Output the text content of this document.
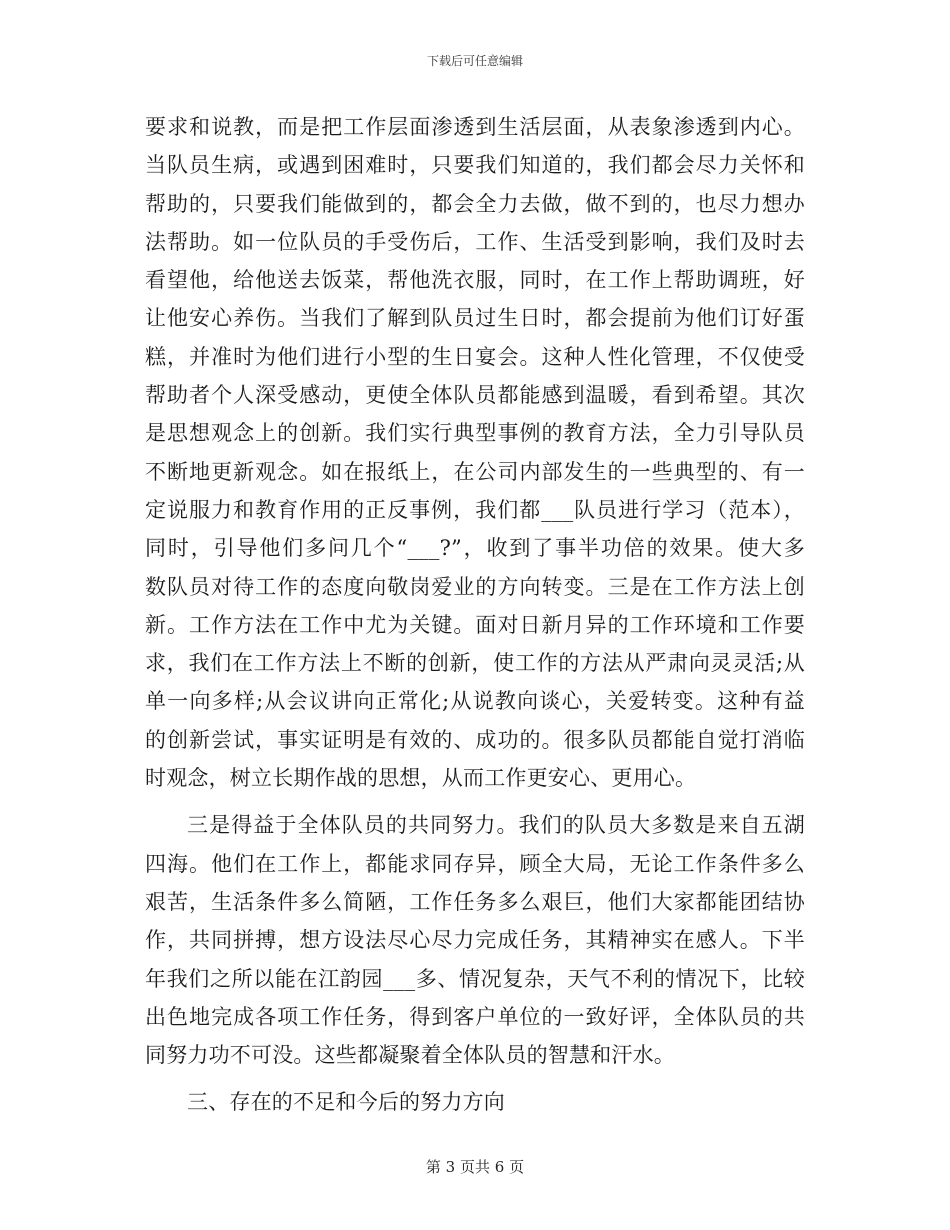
下载后可任意编辑
要求和说教，而是把工作层面渗透到生活层面，从表象渗透到内心。
当队员生病，或遇到困难时，只要我们知道的，我们都会尽力关怀和
帮助的，只要我们能做到的，都会全力去做，做不到的，也尽力想办
法帮助。如一位队员的手受伤后，工作、生活受到影响，我们及时去
看望他，给他送去饭菜，帮他洗衣服，同时，在工作上帮助调班，好
让他安心养伤。当我们了解到队员过生日时，都会提前为他们订好蛋
糕，并准时为他们进行小型的生日宴会。这种人性化管理，不仅使受
帮助者个人深受感动，更使全体队员都能感到温暖，看到希望。其次
是思想观念上的创新。我们实行典型事例的教育方法，全力引导队员
不断地更新观念。如在报纸上，在公司内部发生的一些典型的、有一
定说服力和教育作用的正反事例，我们都___队员进行学习（范本），
同时，引导他们多问几个“___?”，收到了事半功倍的效果。使大多
数队员对待工作的态度向敬岗爱业的方向转变。三是在工作方法上创
新。工作方法在工作中尤为关键。面对日新月异的工作环境和工作要
求，我们在工作方法上不断的创新，使工作的方法从严肃向灵灵活;从
单一向多样;从会议讲向正常化;从说教向谈心，关爱转变。这种有益
的创新尝试，事实证明是有效的、成功的。很多队员都能自觉打消临
时观念，树立长期作战的思想，从而工作更安心、更用心。
三是得益于全体队员的共同努力。我们的队员大多数是来自五湖
四海。他们在工作上，都能求同存异，顾全大局，无论工作条件多么
艰苦，生活条件多么简陋，工作任务多么艰巨，他们大家都能团结协
作，共同拼搏，想方设法尽心尽力完成任务，其精神实在感人。下半
年我们之所以能在江韵园___多、情况复杂，天气不利的情况下，比较
出色地完成各项工作任务，得到客户单位的一致好评，全体队员的共
同努力功不可没。这些都凝聚着全体队员的智慧和汗水。
三、存在的不足和今后的努力方向
第 3 页共 6 页
